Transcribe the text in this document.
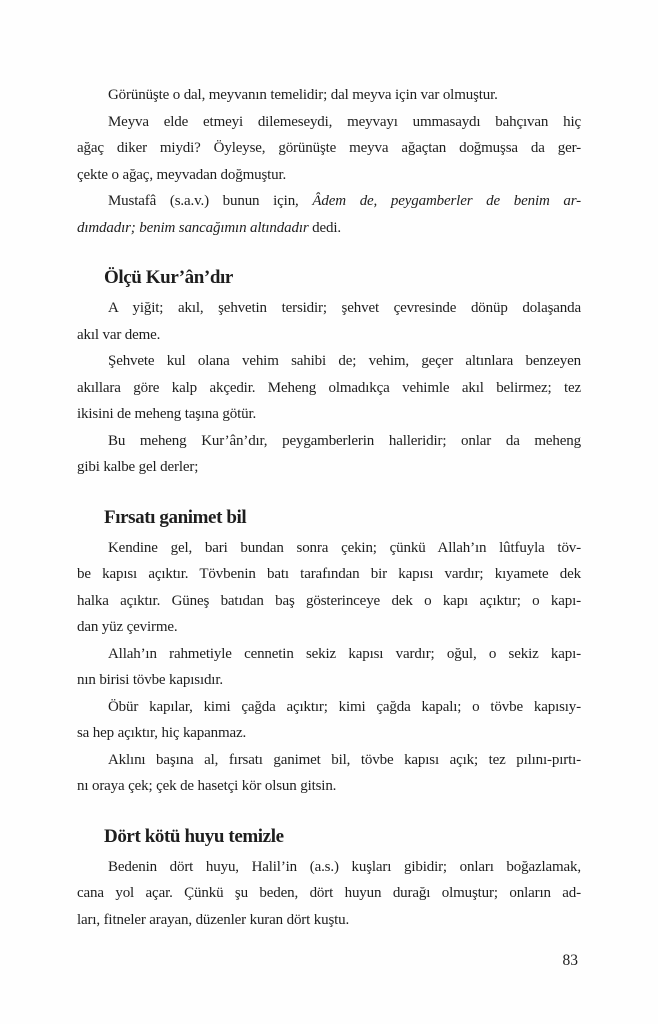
Görünüşte o dal, meyvanın temelidir; dal meyva için var olmuştur.
Meyva elde etmeyi dilemeseydi, meyvayı ummasaydı bahçıvan hiç
ağaç diker miydi? Öyleyse, görünüşte meyva ağaçtan doğmuşsa da ger-
çekte o ağaç, meyvadan doğmuştur.
Mustafâ (s.a.v.) bunun için, Âdem de, peygamberler de benim ar-
dımdadır; benim sancağımın altındadır dedi.
Ölçü Kur’ân’dır
A yiğit; akıl, şehvetin tersidir; şehvet çevresinde dönüp dolaşanda
akıl var deme.
Şehvete kul olana vehim sahibi de; vehim, geçer altınlara benzeyen
akıllara göre kalp akçedir. Meheng olmadıkça vehimle akıl belirmez; tez
ikisini de meheng taşına götür.
Bu meheng Kur’ân’dır, peygamberlerin halleridir; onlar da meheng
gibi kalbe gel derler;
Fırsatı ganimet bil
Kendine gel, bari bundan sonra çekin; çünkü Allah’ın lûtfuyla töv-
be kapısı açıktır. Tövbenin batı tarafından bir kapısı vardır; kıyamete dek
halka açıktır. Güneş batıdan baş gösterinceye dek o kapı açıktır; o kapı-
dan yüz çevirme.
Allah’ın rahmetiyle cennetin sekiz kapısı vardır; oğul, o sekiz kapı-
nın birisi tövbe kapısıdır.
Öbür kapılar, kimi çağda açıktır; kimi çağda kapalı; o tövbe kapısıy-
sa hep açıktır, hiç kapanmaz.
Aklını başına al, fırsatı ganimet bil, tövbe kapısı açık; tez pılını-pırtı-
nı oraya çek; çek de hasetçi kör olsun gitsin.
Dört kötü huyu temizle
Bedenin dört huyu, Halil’in (a.s.) kuşları gibidir; onları boğazlamak,
cana yol açar. Çünkü şu beden, dört huyun durağı olmuştur; onların ad-
ları, fitneler arayan, düzenler kuran dört kuştu.
83
